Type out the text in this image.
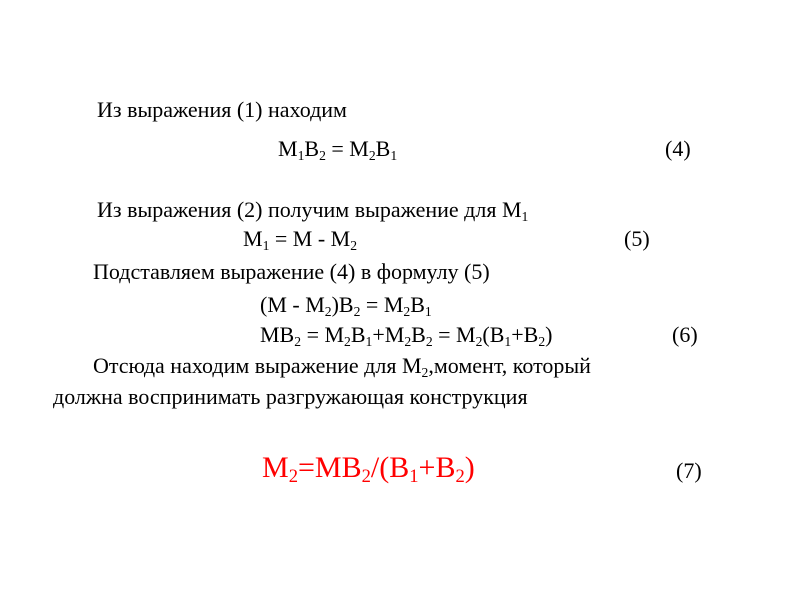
Из выражения (1) находим
$M_1B_2 = M_2B_1$	(4)
Из выражения (2) получим выражение для $M_1$
$M_1 = M - M_2$	(5)
Подставляем выражение (4) в формулу (5)
$(M - M_2)B_2 = M_2B_1$
$MB_2 = M_2B_1+M_2B_2 = M_2(B_1+B_2)$	(6)
Отсюда находим выражение для $M_2,момент$, который
должна воспринимать разгружающая конструкция
$M_2=MB_2/(B_1+B_2)$	(7)
